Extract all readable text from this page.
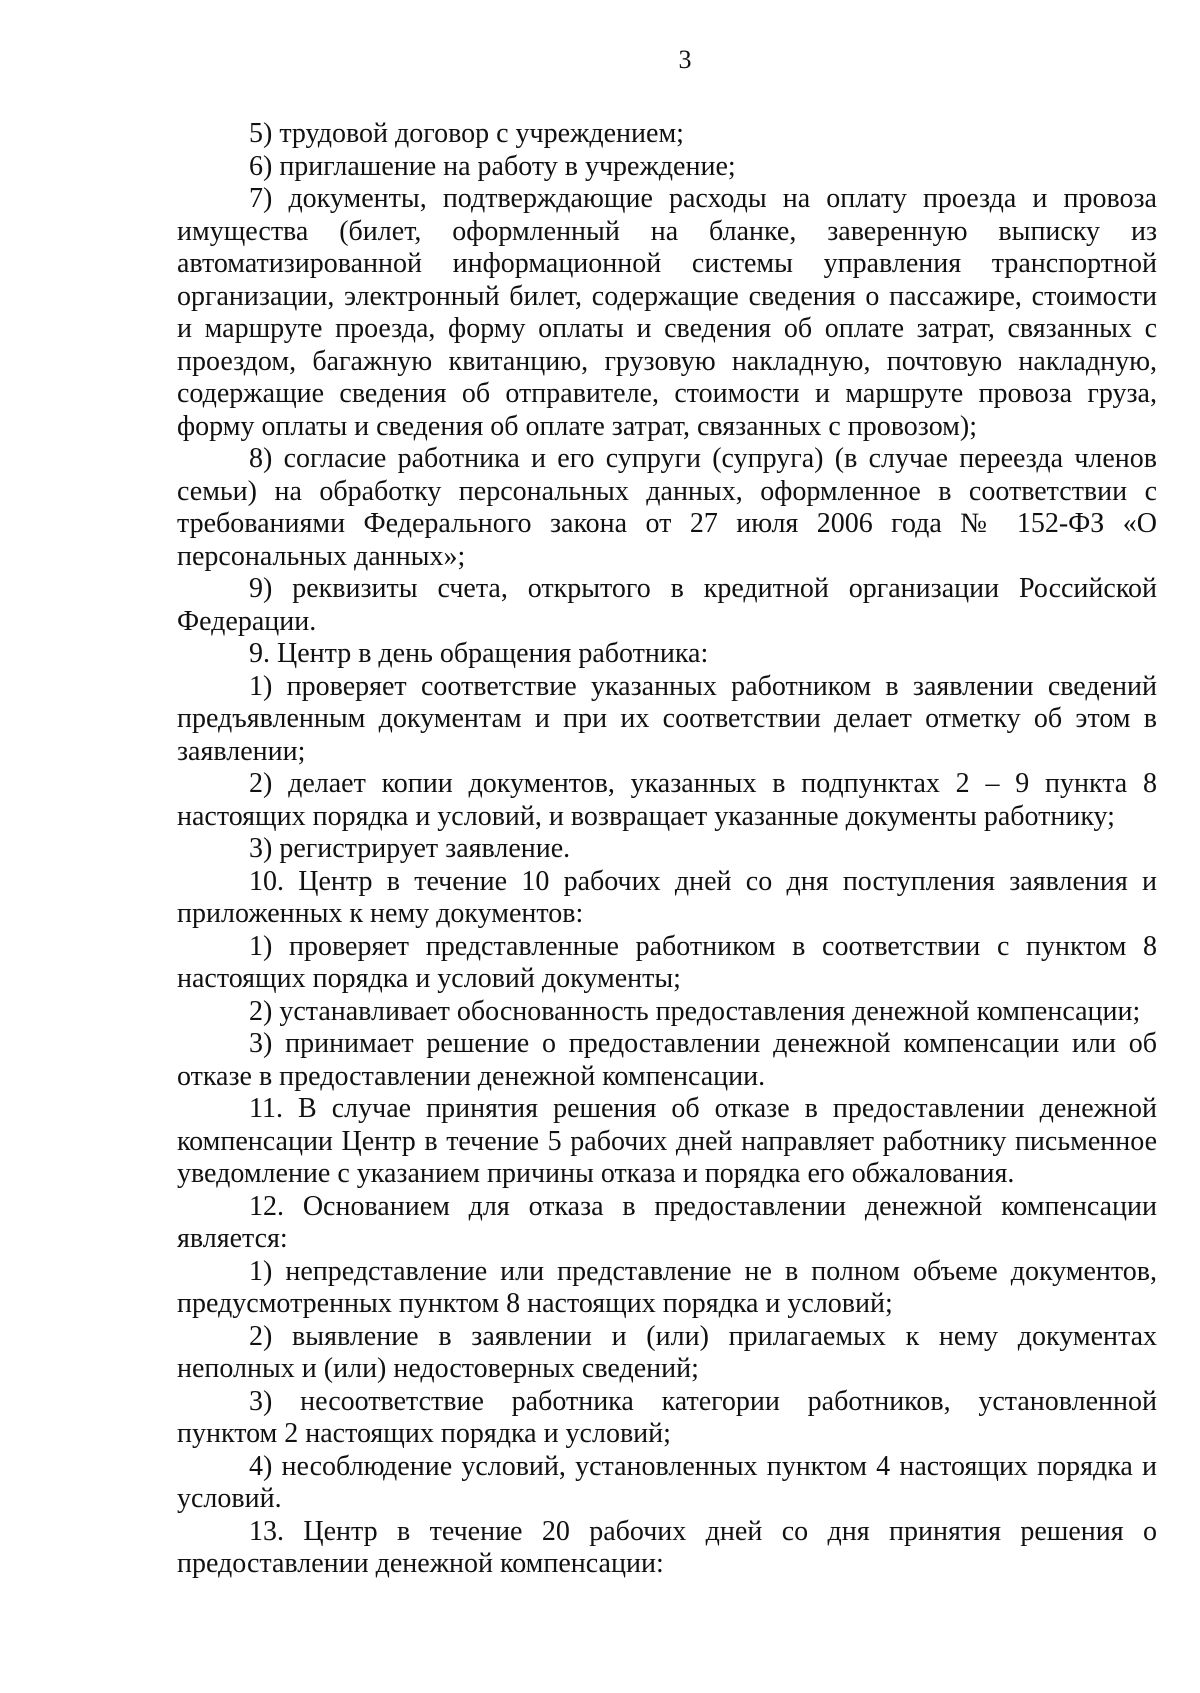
3

5) трудовой договор с учреждением;

6) приглашение на работу в учреждение;

7) документы, подтверждающие расходы на оплату проезда и провоза имущества (билет, оформленный на бланке, заверенную выписку из автоматизированной информационной системы управления транспортной организации, электронный билет, содержащие сведения о пассажире, стоимости и маршруте проезда, форму оплаты и сведения об оплате затрат, связанных с проездом, багажную квитанцию, грузовую накладную, почтовую накладную, содержащие сведения об отправителе, стоимости и маршруте провоза груза, форму оплаты и сведения об оплате затрат, связанных с провозом);

8) согласие работника и его супруги (супруга) (в случае переезда членов семьи) на обработку персональных данных, оформленное в соответствии с требованиями Федерального закона от 27 июля 2006 года № 152-ФЗ «О персональных данных»;

9) реквизиты счета, открытого в кредитной организации Российской Федерации.

9. Центр в день обращения работника:

1) проверяет соответствие указанных работником в заявлении сведений предъявленным документам и при их соответствии делает отметку об этом в заявлении;

2) делает копии документов, указанных в подпунктах 2 – 9 пункта 8 настоящих порядка и условий, и возвращает указанные документы работнику;

3) регистрирует заявление.

10. Центр в течение 10 рабочих дней со дня поступления заявления и приложенных к нему документов:

1) проверяет представленные работником в соответствии с пунктом 8 настоящих порядка и условий документы;

2) устанавливает обоснованность предоставления денежной компенсации;

3) принимает решение о предоставлении денежной компенсации или об отказе в предоставлении денежной компенсации.

11. В случае принятия решения об отказе в предоставлении денежной компенсации Центр в течение 5 рабочих дней направляет работнику письменное уведомление с указанием причины отказа и порядка его обжалования.

12. Основанием для отказа в предоставлении денежной компенсации является:

1) непредставление или представление не в полном объеме документов, предусмотренных пунктом 8 настоящих порядка и условий;

2) выявление в заявлении и (или) прилагаемых к нему документах неполных и (или) недостоверных сведений;

3) несоответствие работника категории работников, установленной пунктом 2 настоящих порядка и условий;

4) несоблюдение условий, установленных пунктом 4 настоящих порядка и условий.

13. Центр в течение 20 рабочих дней со дня принятия решения о предоставлении денежной компенсации:
